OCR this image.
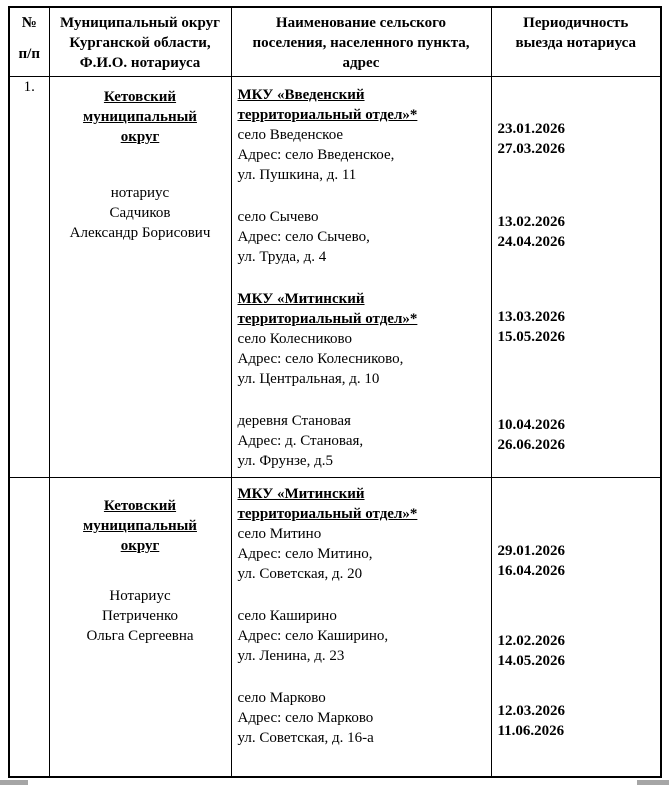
№
п/п

Муниципальный округ
Курганской области,
Ф.И.О. нотариуса

Наименование сельского
поселения, населенного пункта,
адрес

Периодичность
выезда нотариуса

1.	
Кетовский
муниципальный
округ
нотариус
Садчиков
Александр Борисович

МКУ «Введенский
территориальный отдел»*
село Введенское
Адрес: село Введенское,
ул. Пушкина, д. 11
село Сычево
Адрес: село Сычево,
ул. Труда, д. 4
МКУ «Митинский
территориальный отдел»*
село Колесниково
Адрес: село Колесниково,
ул. Центральная, д. 10
деревня Становая
Адрес: д. Становая,
ул. Фрунзе, д.5

23.01.2026
27.03.2026
13.02.2026
24.04.2026
13.03.2026
15.05.2026
10.04.2026
26.06.2026

Кетовский
муниципальный
округ
Нотариус
Петриченко
Ольга Сергеевна

МКУ «Митинский
территориальный отдел»*
село Митино
Адрес: село Митино,
ул. Советская, д. 20
село Каширино
Адрес: село Каширино,
ул. Ленина, д. 23
село Марково
Адрес: село Марково
ул. Советская, д. 16-а

29.01.2026
16.04.2026
12.02.2026
14.05.2026
12.03.2026
11.06.2026
